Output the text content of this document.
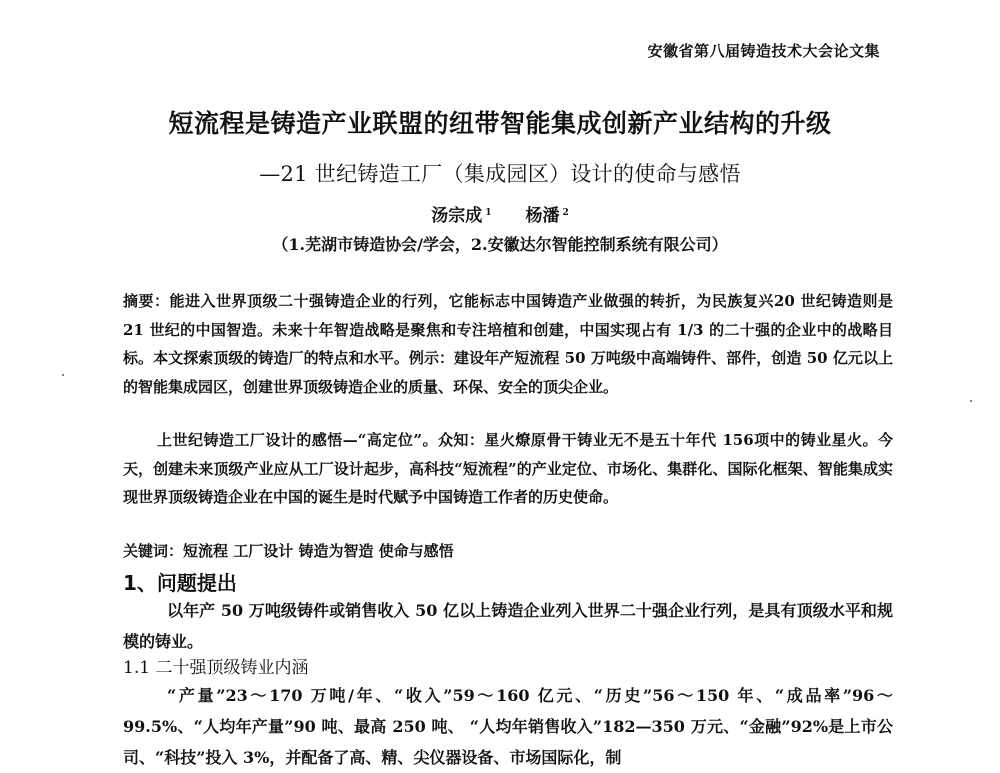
安徽省第八届铸造技术大会论文集
短流程是铸造产业联盟的纽带智能集成创新产业结构的升级
—21 世纪铸造工厂（集成园区）设计的使命与感悟
汤宗成 $^1$ 杨潘 $^2$
（1.芜湖市铸造协会/学会，2.安徽达尔智能控制系统有限公司）
摘要：能进入世界顶级二十强铸造企业的行列，它能标志中国铸造产业做强的转折，为民族复兴20 世纪铸造则是 21 世纪的中国智造。未来十年智造战略是聚焦和专注培植和创建，中国实现占有 1/3 的二十强的企业中的战略目标。本文探索顶级的铸造厂的特点和水平。例示：建设年产短流程 50 万吨级中高端铸件、部件，创造 50 亿元以上的智能集成园区，创建世界顶级铸造企业的质量、环保、安全的顶尖企业。
上世纪铸造工厂设计的感悟—“高定位”。众知：星火燎原骨干铸业无不是五十年代 156项中的铸业星火。今天，创建未来顶级产业应从工厂设计起步，高科技“短流程”的产业定位、市场化、集群化、国际化框架、智能集成实现世界顶级铸造企业在中国的诞生是时代赋予中国铸造工作者的历史使命。
关键词：短流程 工厂设计 铸造为智造 使命与感悟
1、问题提出
以年产 50 万吨级铸件或销售收入 50 亿以上铸造企业列入世界二十强企业行列，是具有顶级水平和规模的铸业。
1.1 二十强顶级铸业内涵
“产量”23～170 万吨/年、“收入”59～160 亿元、“历史”56～150 年、“成品率”96～99.5%、“人均年产量”90 吨、最高 250 吨、 “人均年销售收入”182—350 万元、“金融”92%是上市公司、“科技”投入 3%，并配备了高、精、尖仪器设备、市场国际化，制
